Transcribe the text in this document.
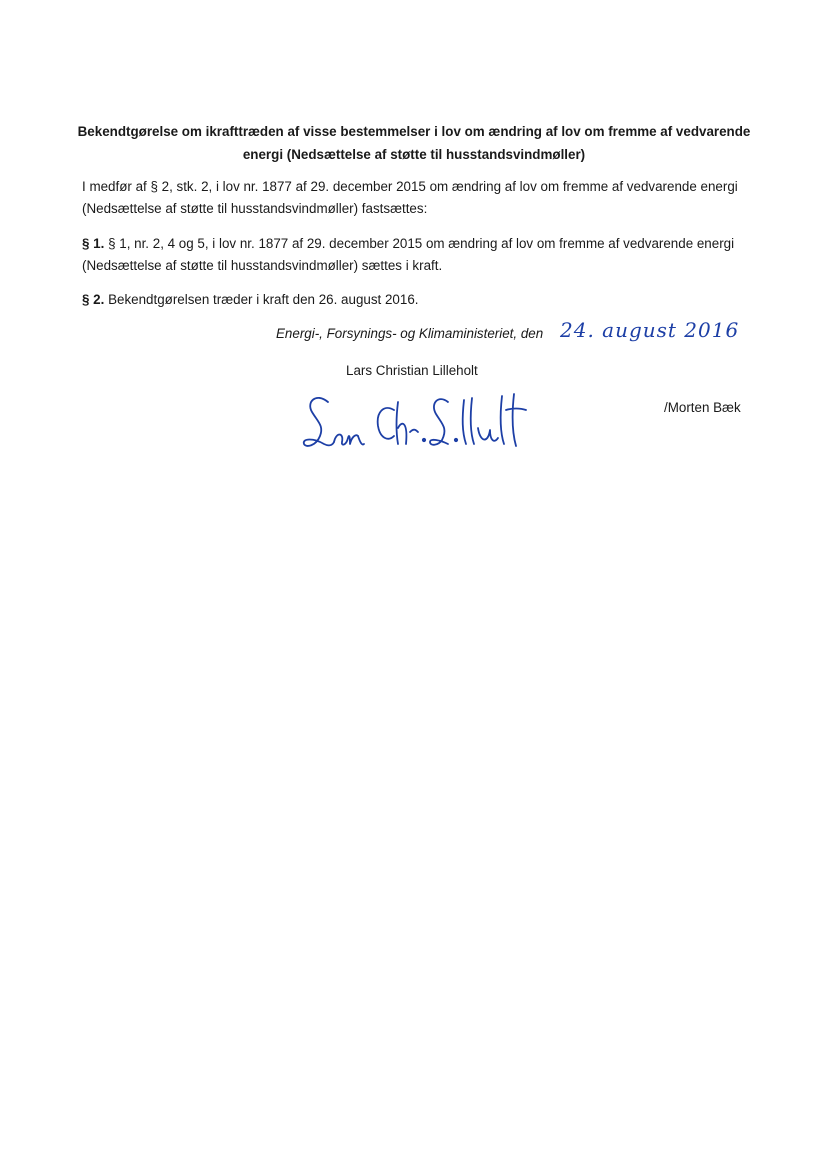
Bekendtgørelse om ikrafttræden af visse bestemmelser i lov om ændring af lov om fremme af vedvarende energi (Nedsættelse af støtte til husstandsvindmøller)
I medfør af § 2, stk. 2, i lov nr. 1877 af 29. december 2015 om ændring af lov om fremme af vedvarende energi (Nedsættelse af støtte til husstandsvindmøller) fastsættes:
§ 1. § 1, nr. 2, 4 og 5, i lov nr. 1877 af 29. december 2015 om ændring af lov om fremme af vedvarende energi (Nedsættelse af støtte til husstandsvindmøller) sættes i kraft.
§ 2. Bekendtgørelsen træder i kraft den 26. august 2016.
Energi-, Forsynings- og Klimaministeriet, den 24. august 2016
Lars Christian Lilleholt
/Morten Bæk
